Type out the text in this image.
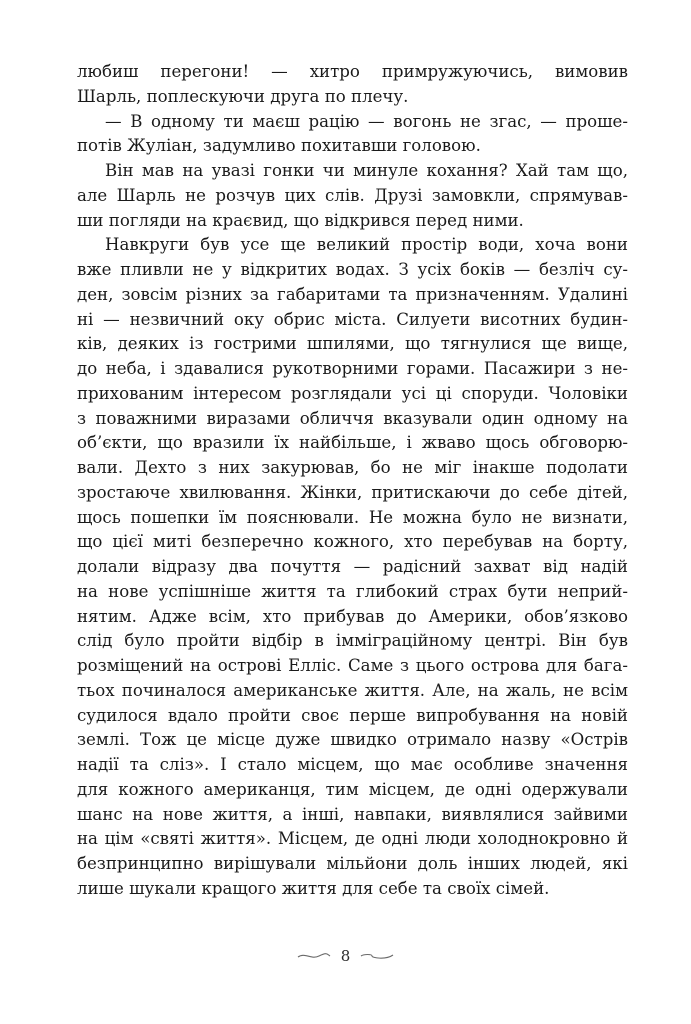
любиш перегони! — хитро примружуючись, вимовив
Шарль, поплескуючи друга по плечу.
— В одному ти маєш рацію — вогонь не згас, — проше-
потів Жуліан, задумливо похитавши головою.
Він мав на увазі гонки чи минуле кохання? Хай там що,
але Шарль не розчув цих слів. Друзі замовкли, спрямував-
ши погляди на краєвид, що відкрився перед ними.
Навкруги був усе ще великий простір води, хоча вони
вже пливли не у відкритих водах. З усіх боків — безліч су-
ден, зовсім різних за габаритами та призначенням. Удалині
ні — незвичний оку обрис міста. Силуети висотних будин-
ків, деяких із гострими шпилями, що тягнулися ще вище,
до неба, і здавалися рукотворними горами. Пасажири з не-
прихованим інтересом розглядали усі ці споруди. Чоловіки
з поважними виразами обличчя вказували один одному на
об’єкти, що вразили їх найбільше, і жваво щось обговорю-
вали. Дехто з них закурював, бо не міг інакше подолати
зростаюче хвилювання. Жінки, притискаючи до себе дітей,
щось пошепки їм пояснювали. Не можна було не визнати,
що цієї миті безперечно кожного, хто перебував на борту,
долали відразу два почуття — радісний захват від надій
на нове успішніше життя та глибокий страх бути неприй-
нятим. Адже всім, хто прибував до Америки, обов’язково
слід було пройти відбір в імміграційному центрі. Він був
розміщений на острові Елліс. Саме з цього острова для бага-
тьох починалося американське життя. Але, на жаль, не всім
судилося вдало пройти своє перше випробування на новій
землі. Тож це місце дуже швидко отримало назву «Острів
надії та сліз». І стало місцем, що має особливе значення
для кожного американця, тим місцем, де одні одержували
шанс на нове життя, а інші, навпаки, виявлялися зайвими
на цім «святі життя». Місцем, де одні люди холоднокровно й
безпринципно вирішували мільйони доль інших людей, які
лише шукали кращого життя для себе та своїх сімей.
8
